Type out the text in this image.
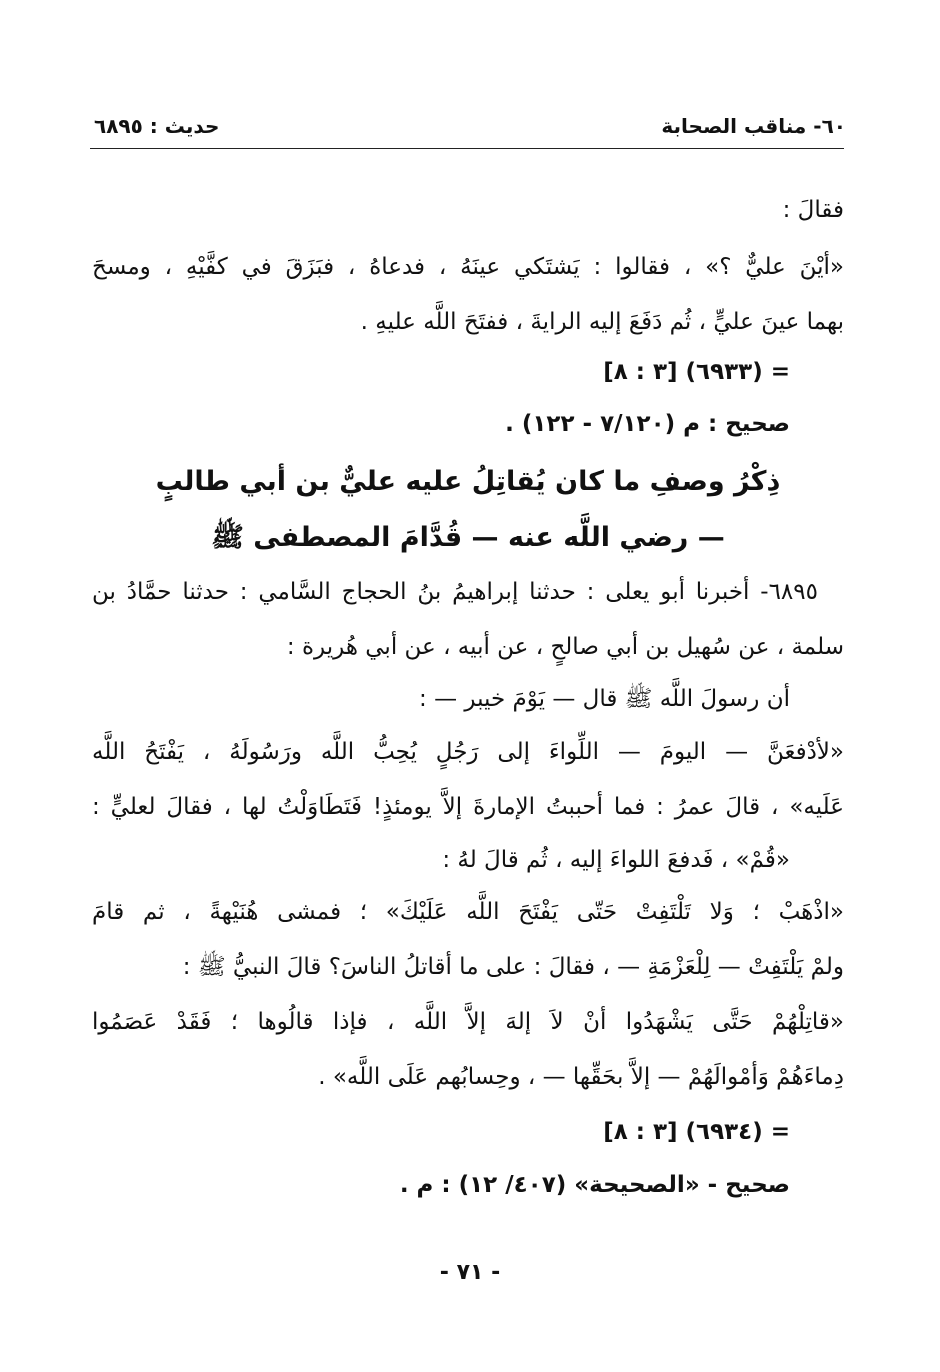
٦٠- مناقب الصحابة
حديث : ٦٨٩٥
فقالَ :
«أيْنَ عليٌّ ؟» ، فقالوا : يَشتَكي عينَهُ ، فدعاهُ ، فبَزَقَ في كفَّيْهِ ، ومسحَ
بهما عينَ عليٍّ ، ثُم دَفَعَ إليه الرايةَ ، ففتَحَ اللَّه عليهِ .
= (٦٩٣٣) [٣ : ٨]
صحيح : م (٧/١٢٠ - ١٢٢) .
ذِكْرُ وصفِ ما كان يُقاتِلُ عليه عليٌّ بن أبي طالبٍ
— رضي اللَّه عنه — قُدَّامَ المصطفى ﷺ
٦٨٩٥- أخبرنا أبو يعلى : حدثنا إبراهيمُ بنُ الحجاج السَّامي : حدثنا حمَّادُ بن
سلمة ، عن سُهيل بن أبي صالحٍ ، عن أبيه ، عن أبي هُريرة :
أن رسولَ اللَّه ﷺ قال — يَوْمَ خيبر — :
«لأدْفعَنَّ — اليومَ — اللِّواءَ إلى رَجُلٍ يُحِبُّ اللَّه ورَسُولَهُ ، يَفْتَحُ اللَّه
عَلَيه» ، قالَ عمرُ : فما أحببتُ الإمارةَ إلاَّ يومئذٍ! فَتَطَاوَلْتُ لها ، فقالَ لعليٍّ :
«قُمْ» ، فَدفعَ اللواءَ إليه ، ثُم قالَ لهُ :
«اذْهَبْ ؛ وَلا تَلْتَفِتْ حَتّى يَفْتَحَ اللَّه عَلَيْكَ» ؛ فمشى هُنَيْهةً ، ثم قامَ
ولمْ يَلْتَفِتْ — لِلْعَزْمَةِ — ، فقالَ : على ما أقاتلُ الناسَ؟ قالَ النبيُّ ﷺ :
«قاتِلْهُمْ حَتَّى يَشْهَدُوا أنْ لاَ إلهَ إلاَّ اللَّه ، فإذا قالُوها ؛ فَقَدْ عَصَمُوا
دِماءَهُمْ وَأمْوالَهُمْ — إلاَّ بحَقِّها — ، وحِسابُهم عَلَى اللَّه» .
= (٦٩٣٤) [٣ : ٨]
صحيح - «الصحيحة» (٤٠٧/ ١٢) : م .
- ٧١ -
